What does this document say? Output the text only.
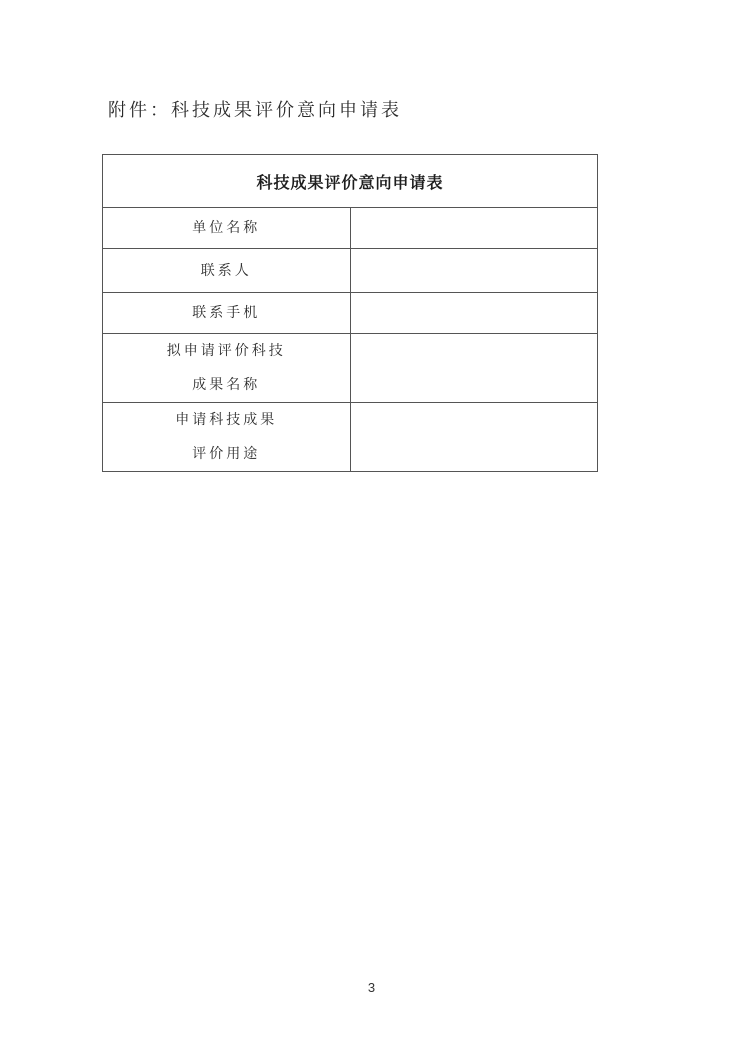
附件：科技成果评价意向申请表
科技成果评价意向申请表	

单位名称	

联系人	

联系手机	

拟申请评价科技
成果名称	

申请科技成果
评价用途	

3
